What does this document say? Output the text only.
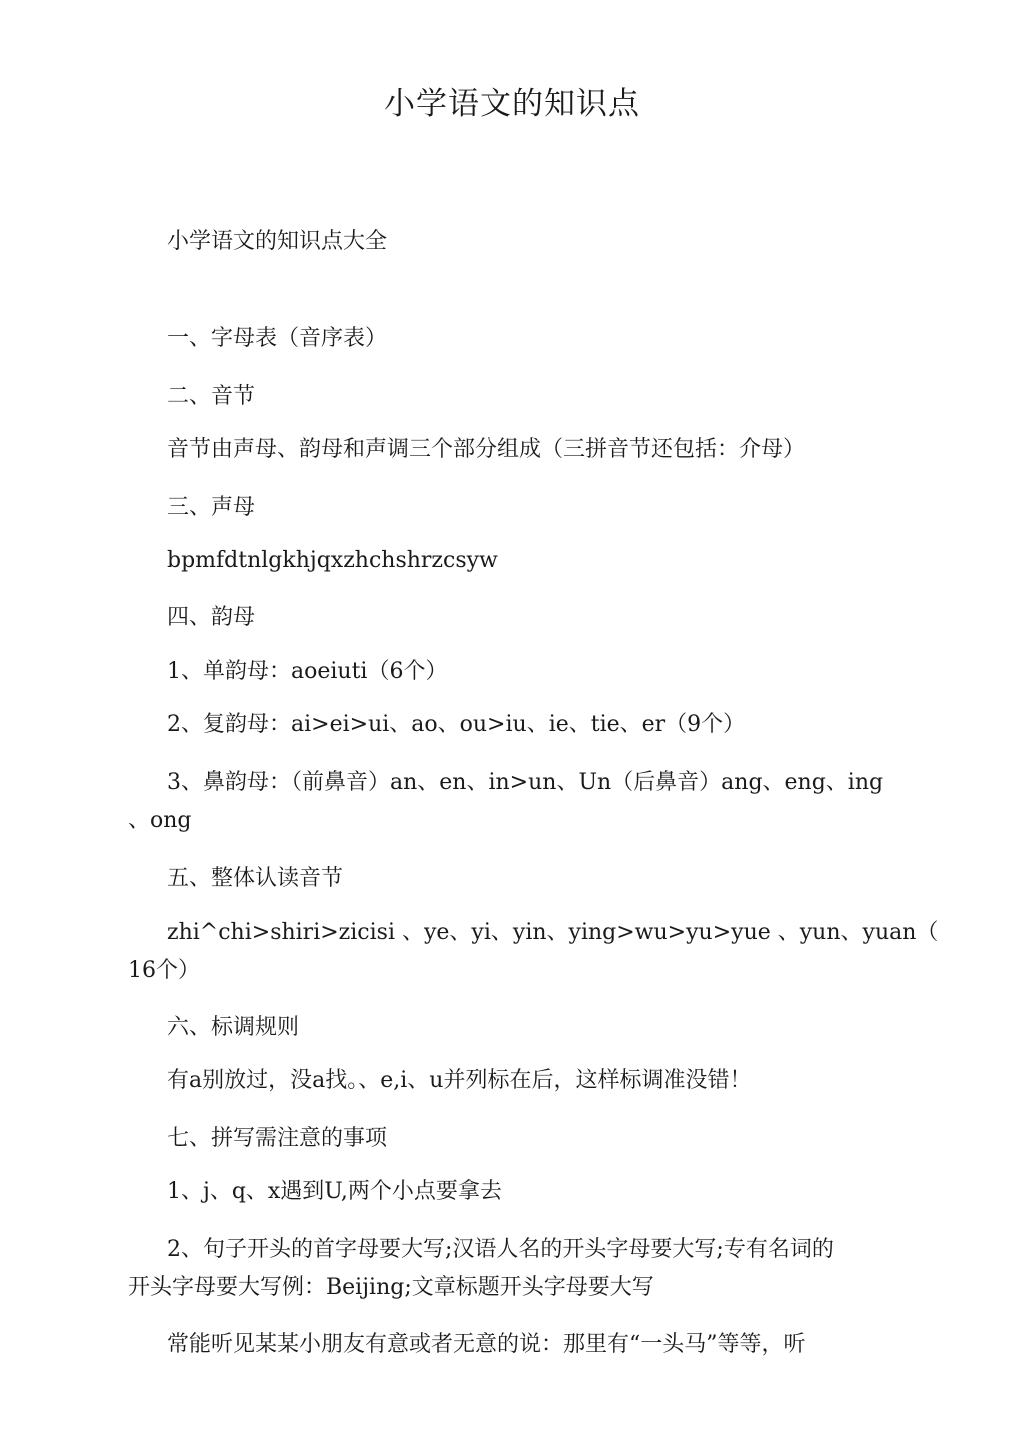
小学语文的知识点
小学语文的知识点大全
一、字母表（音序表）
二、音节
音节由声母、韵母和声调三个部分组成（三拼音节还包括：介母）
三、声母
bpmfdtnlgkhjqxzhchshrzcsyw
四、韵母
1、单韵母：aoeiuti（6个）
2、复韵母：ai>ei>ui、ao、ou>iu、ie、tie、er（9个）
3、鼻韵母：（前鼻音）an、en、in>un、Un（后鼻音）ang、eng、ing
、ong
五、整体认读音节
zhi^chi>shiri>zicisi 、ye、yi、yin、ying>wu>yu>yue 、yun、yuan（
16个）
六、标调规则
有a别放过，没a找。、e,i、u并列标在后，这样标调准没错！
七、拼写需注意的事项
1、j、q、x遇到U,两个小点要拿去
2、句子开头的首字母要大写;汉语人名的开头字母要大写;专有名词的
开头字母要大写例：Beijing;文章标题开头字母要大写
常能听见某某小朋友有意或者无意的说：那里有“一头马”等等，听
